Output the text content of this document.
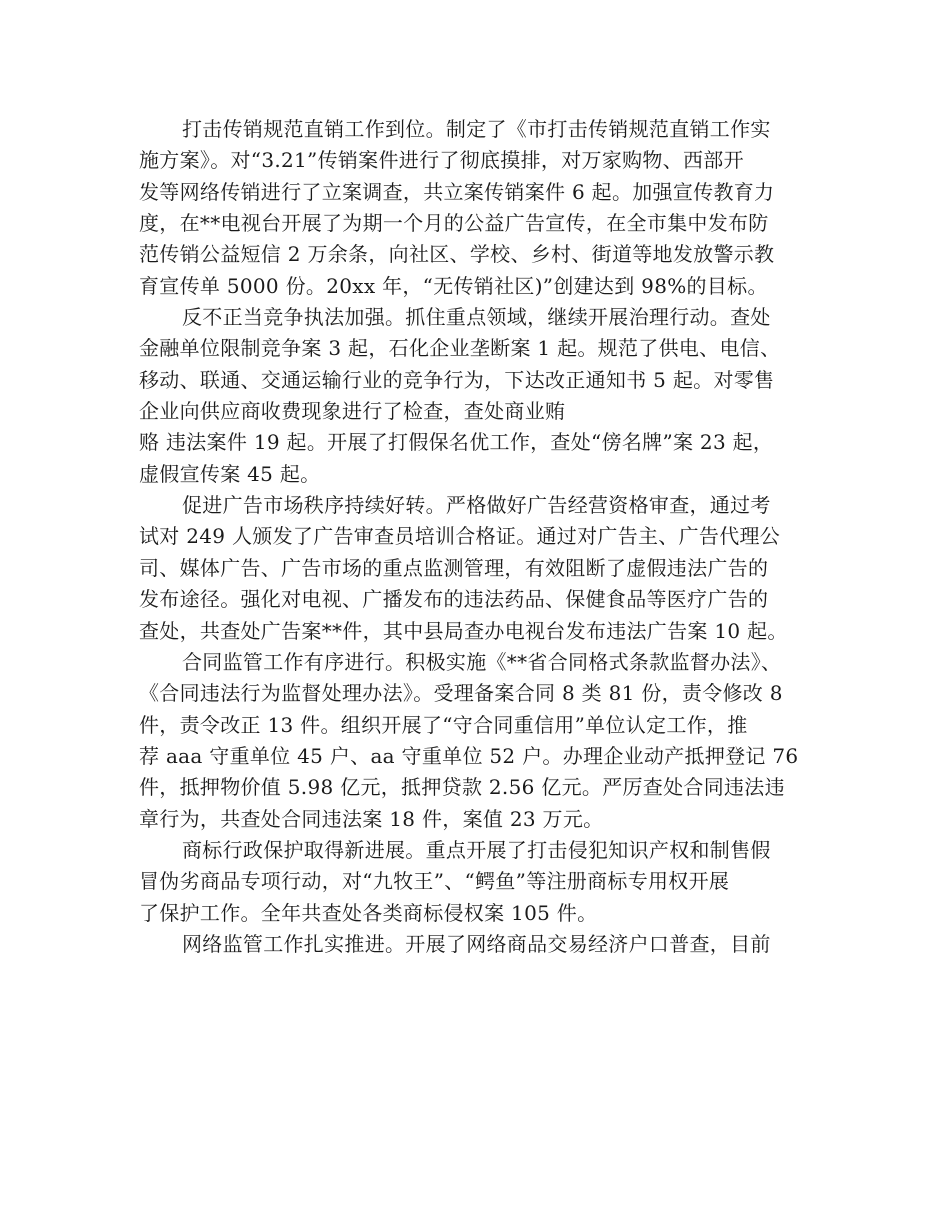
打击传销规范直销工作到位。制定了《市打击传销规范直销工作实
施方案》。对“3.21”传销案件进行了彻底摸排，对万家购物、西部开
发等网络传销进行了立案调查，共立案传销案件 6 起。加强宣传教育力
度，在**电视台开展了为期一个月的公益广告宣传，在全市集中发布防
范传销公益短信 2 万余条，向社区、学校、乡村、街道等地发放警示教
育宣传单 5000 份。20xx 年，“无传销社区)”创建达到 98%的目标。
反不正当竞争执法加强。抓住重点领域，继续开展治理行动。查处
金融单位限制竞争案 3 起，石化企业垄断案 1 起。规范了供电、电信、
移动、联通、交通运输行业的竞争行为，下达改正通知书 5 起。对零售
企业向供应商收费现象进行了检查，查处商业贿
赂 违法案件 19 起。开展了打假保名优工作，查处“傍名牌”案 23 起，
虚假宣传案 45 起。
促进广告市场秩序持续好转。严格做好广告经营资格审查，通过考
试对 249 人颁发了广告审查员培训合格证。通过对广告主、广告代理公
司、媒体广告、广告市场的重点监测管理，有效阻断了虚假违法广告的
发布途径。强化对电视、广播发布的违法药品、保健食品等医疗广告的
查处，共查处广告案**件，其中县局查办电视台发布违法广告案 10 起。
合同监管工作有序进行。积极实施《**省合同格式条款监督办法》、
《合同违法行为监督处理办法》。受理备案合同 8 类 81 份，责令修改 8
件，责令改正 13 件。组织开展了“守合同重信用”单位认定工作，推
荐 aaa 守重单位 45 户、aa 守重单位 52 户。办理企业动产抵押登记 76
件，抵押物价值 5.98 亿元，抵押贷款 2.56 亿元。严厉查处合同违法违
章行为，共查处合同违法案 18 件，案值 23 万元。
商标行政保护取得新进展。重点开展了打击侵犯知识产权和制售假
冒伪劣商品专项行动，对“九牧王”、“鳄鱼”等注册商标专用权开展
了保护工作。全年共查处各类商标侵权案 105 件。
网络监管工作扎实推进。开展了网络商品交易经济户口普查，目前
